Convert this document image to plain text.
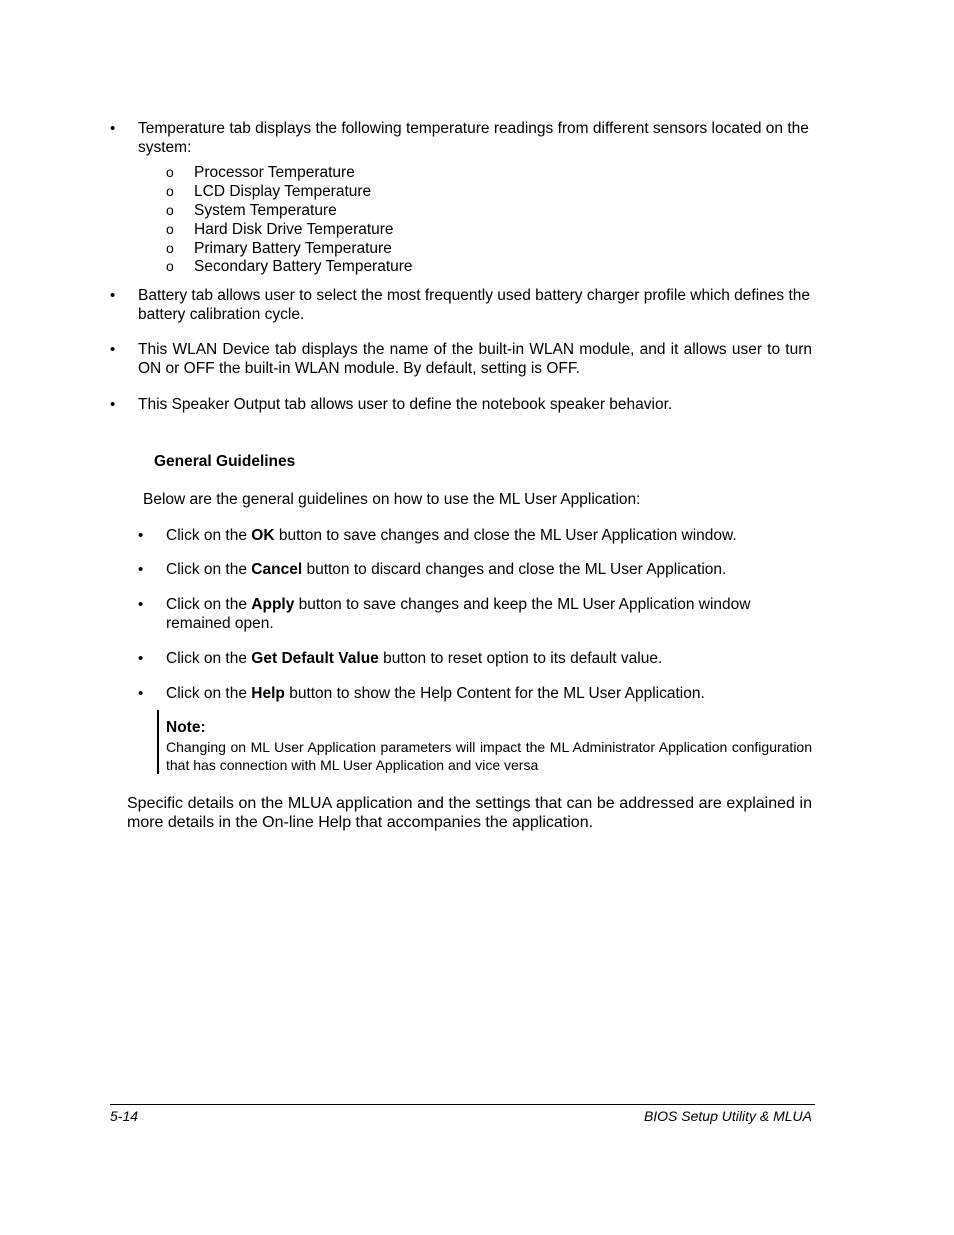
• Temperature tab displays the following temperature readings from different sensors located on the system:
o Processor Temperature
o LCD Display Temperature
o System Temperature
o Hard Disk Drive Temperature
o Primary Battery Temperature
o Secondary Battery Temperature
• Battery tab allows user to select the most frequently used battery charger profile which defines the battery calibration cycle.
• This WLAN Device tab displays the name of the built-in WLAN module, and it allows user to turn ON or OFF the built-in WLAN module. By default, setting is OFF.
• This Speaker Output tab allows user to define the notebook speaker behavior.
General Guidelines
Below are the general guidelines on how to use the ML User Application:
• Click on the OK button to save changes and close the ML User Application window.
• Click on the Cancel button to discard changes and close the ML User Application.
• Click on the Apply button to save changes and keep the ML User Application window remained open.
• Click on the Get Default Value button to reset option to its default value.
• Click on the Help button to show the Help Content for the ML User Application.
Note:
Changing on ML User Application parameters will impact the ML Administrator Application configuration that has connection with ML User Application and vice versa
Specific details on the MLUA application and the settings that can be addressed are explained in more details in the On-line Help that accompanies the application.
5-14	BIOS Setup Utility & MLUA
